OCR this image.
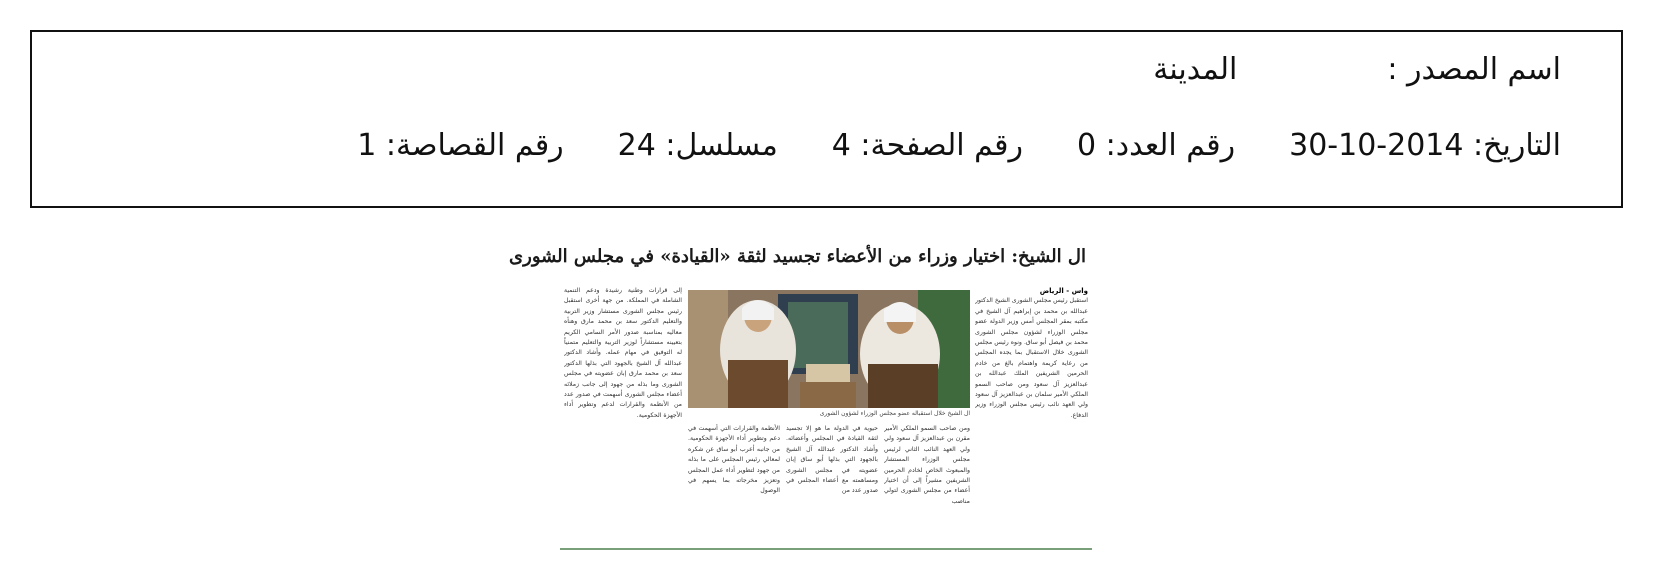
اسم المصدر :المدينة
التاريخ: 30-10-2014رقم العدد: 0رقم الصفحة: 4مسلسل: 24رقم القصاصة: 1
ال الشيخ: اختيار وزراء من الأعضاء تجسيد لثقة «القيادة» في مجلس الشورى
واس - الرياض
استقبل رئيس مجلس الشورى الشيخ الدكتور عبدالله بن محمد بن إبراهيم آل الشيخ في مكتبه بمقر المجلس أمس وزير الدولة عضو مجلس الوزراء لشؤون مجلس الشورى محمد بن فيصل أبو ساق. ونوه رئيس مجلس الشورى خلال الاستقبال بما يجده المجلس من رعاية كريمة واهتمام بالغ من خادم الحرمين الشريفين الملك عبدالله بن عبدالعزيز آل سعود ومن صاحب السمو الملكي الأمير سلمان بن عبدالعزيز آل سعود ولي العهد نائب رئيس مجلس الوزراء وزير الدفاع.
ال الشيخ خلال استقباله عضو مجلس الوزراء لشؤون الشورى
ومن صاحب السمو الملكي الأمير مقرن بن عبدالعزيز آل سعود ولي ولي العهد النائب الثاني لرئيس مجلس الوزراء المستشار والمبعوث الخاص لخادم الحرمين الشريفين مشيراً إلى أن اختيار أعضاء من مجلس الشورى لتولي مناصب
حيوية في الدولة ما هو إلا تجسيد لثقة القيادة في المجلس وأعضائه. وأشاد الدكتور عبدالله آل الشيخ بالجهود التي بذلها أبو ساق إبان عضويته في مجلس الشورى ومساهمته مع أعضاء المجلس في صدور عدد من
الأنظمة والقرارات التي أسهمت في دعم وتطوير أداء الأجهزة الحكومية. من جانبه أعرب أبو ساق عن شكره لمعالي رئيس المجلس على ما بذله من جهود لتطوير أداء عمل المجلس وتعزيز مخرجاته بما يسهم في الوصول
إلى قرارات وطنية رشيدة ودعم التنمية الشاملة في المملكة. من جهة أخرى استقبل رئيس مجلس الشورى مستشار وزير التربية والتعليم الدكتور سعد بن محمد مارق وهنأه معاليه بمناسبة صدور الأمر السامي الكريم بتعيينه مستشاراً لوزير التربية والتعليم متمنياً له التوفيق في مهام عمله. وأشاد الدكتور عبدالله آل الشيخ بالجهود التي بذلها الدكتور سعد بن محمد مارق إبان عضويته في مجلس الشورى وما بذله من جهود إلى جانب زملائه أعضاء مجلس الشورى أسهمت في صدور عدد من الأنظمة والقرارات لدعم وتطوير أداء الأجهزة الحكومية.
